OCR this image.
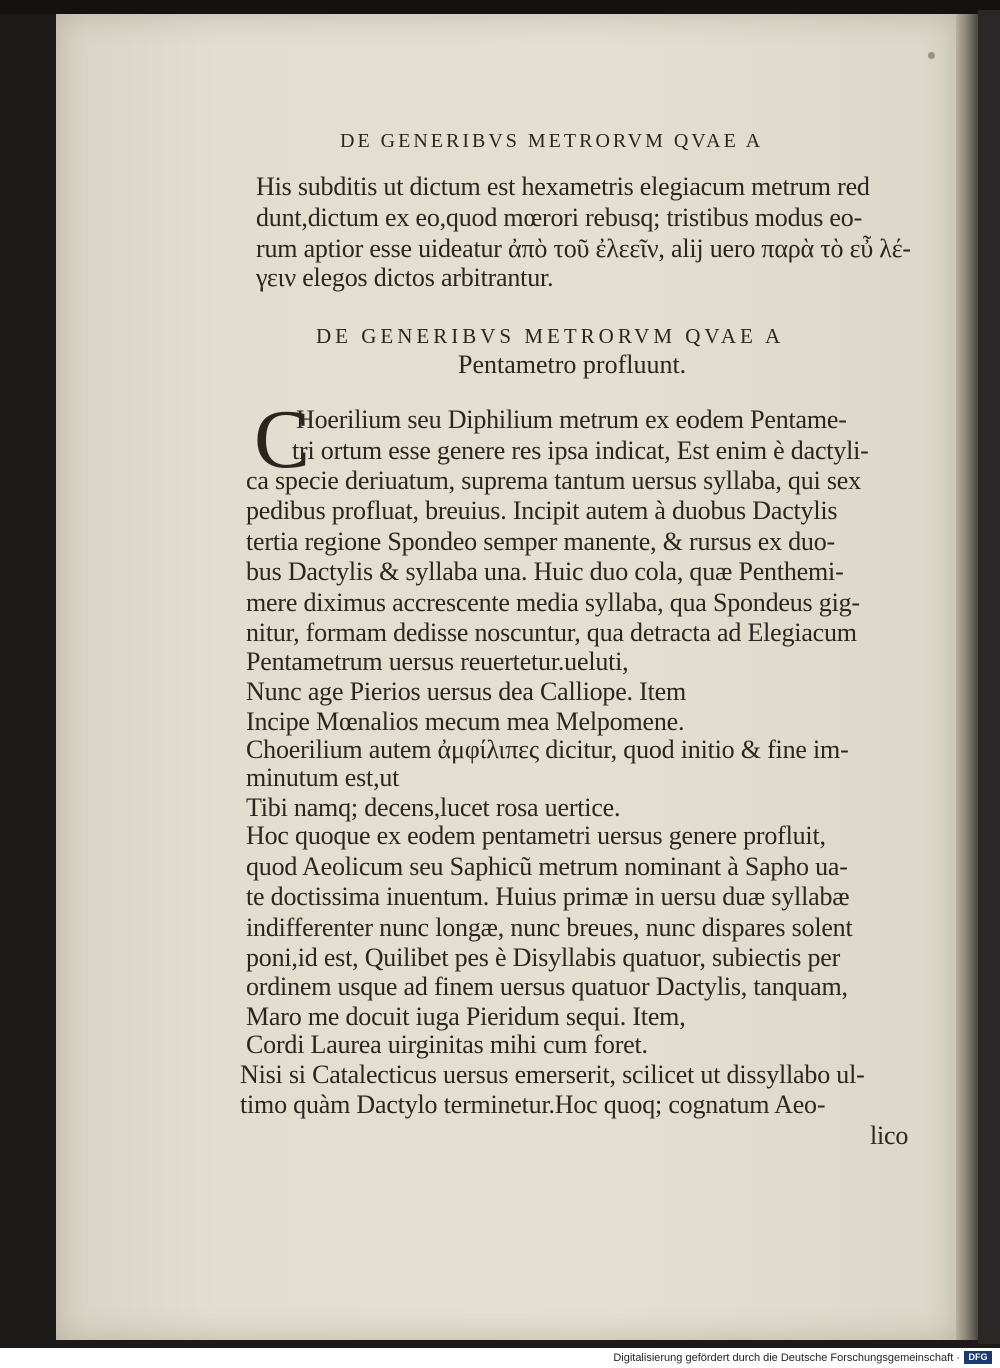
DE GENERIBVS METRORVM QVAE A
His subditis ut dictum est hexametris elegiacum metrum red
dunt,dictum ex eo,quod mœrori rebusq; tristibus modus eo-
rum aptior esse uideatur ἀπὸ τοῦ ἐλεεῖν, alij uero παρὰ τὸ εὖ λέ-
γειν elegos dictos arbitrantur.
DE GENERIBVS METRORVM QVAE A
Pentametro profluunt.
C
Hoerilium seu Diphilium metrum ex eodem Pentame-
tri ortum esse genere res ipsa indicat, Est enim è dactyli-
ca specie deriuatum, suprema tantum uersus syllaba, qui sex
pedibus profluat, breuius. Incipit autem à duobus Dactylis
tertia regione Spondeo semper manente, & rursus ex duo-
bus Dactylis & syllaba una. Huic duo cola, quæ Penthemi-
mere diximus accrescente media syllaba, qua Spondeus gig-
nitur, formam dedisse noscuntur, qua detracta ad Elegiacum
Pentametrum uersus reuertetur.ueluti,
Nunc age Pierios uersus dea Calliope. Item
Incipe Mœnalios mecum mea Melpomene.
Choerilium autem ἀμφίλιπες dicitur, quod initio & fine im-
minutum est,ut
Tibi namq; decens,lucet rosa uertice.
Hoc quoque ex eodem pentametri uersus genere profluit,
quod Aeolicum seu Saphicũ metrum nominant à Sapho ua-
te doctissima inuentum. Huius primæ in uersu duæ syllabæ
indifferenter nunc longæ, nunc breues, nunc dispares solent
poni,id est, Quilibet pes è Disyllabis quatuor, subiectis per
ordinem usque ad finem uersus quatuor Dactylis, tanquam,
Maro me docuit iuga Pieridum sequi. Item,
Cordi Laurea uirginitas mihi cum foret.
Nisi si Catalecticus uersus emerserit, scilicet ut dissyllabo ul-
timo quàm Dactylo terminetur.Hoc quoq; cognatum Aeo-
lico
Digitalisierung gefördert durch die Deutsche Forschungsgemeinschaft · DFG
